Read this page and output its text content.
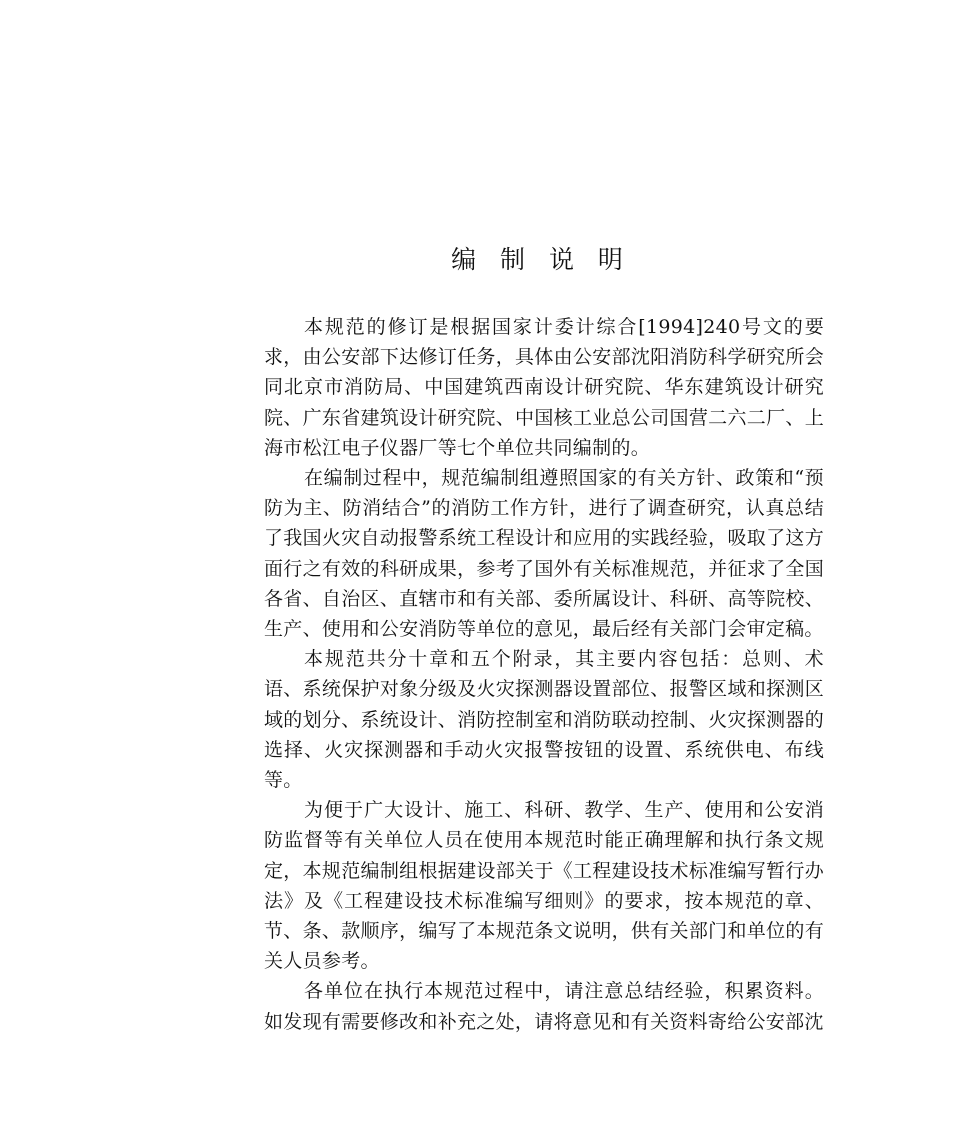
编 制 说 明

本规范的修订是根据国家计委计综合[1994]240号文的要求，由公安部下达修订任务，具体由公安部沈阳消防科学研究所会同北京市消防局、中国建筑西南设计研究院、华东建筑设计研究院、广东省建筑设计研究院、中国核工业总公司国营二六二厂、上海市松江电子仪器厂等七个单位共同编制的。

在编制过程中，规范编制组遵照国家的有关方针、政策和“预防为主、防消结合”的消防工作方针，进行了调查研究，认真总结了我国火灾自动报警系统工程设计和应用的实践经验，吸取了这方面行之有效的科研成果，参考了国外有关标准规范，并征求了全国各省、自治区、直辖市和有关部、委所属设计、科研、高等院校、生产、使用和公安消防等单位的意见，最后经有关部门会审定稿。

本规范共分十章和五个附录，其主要内容包括：总则、术语、系统保护对象分级及火灾探测器设置部位、报警区域和探测区域的划分、系统设计、消防控制室和消防联动控制、火灾探测器的选择、火灾探测器和手动火灾报警按钮的设置、系统供电、布线等。

为便于广大设计、施工、科研、教学、生产、使用和公安消防监督等有关单位人员在使用本规范时能正确理解和执行条文规定，本规范编制组根据建设部关于《工程建设技术标准编写暂行办法》及《工程建设技术标准编写细则》的要求，按本规范的章、节、条、款顺序，编写了本规范条文说明，供有关部门和单位的有关人员参考。

各单位在执行本规范过程中，请注意总结经验，积累资料。如发现有需要修改和补充之处，请将意见和有关资料寄给公安部沈
